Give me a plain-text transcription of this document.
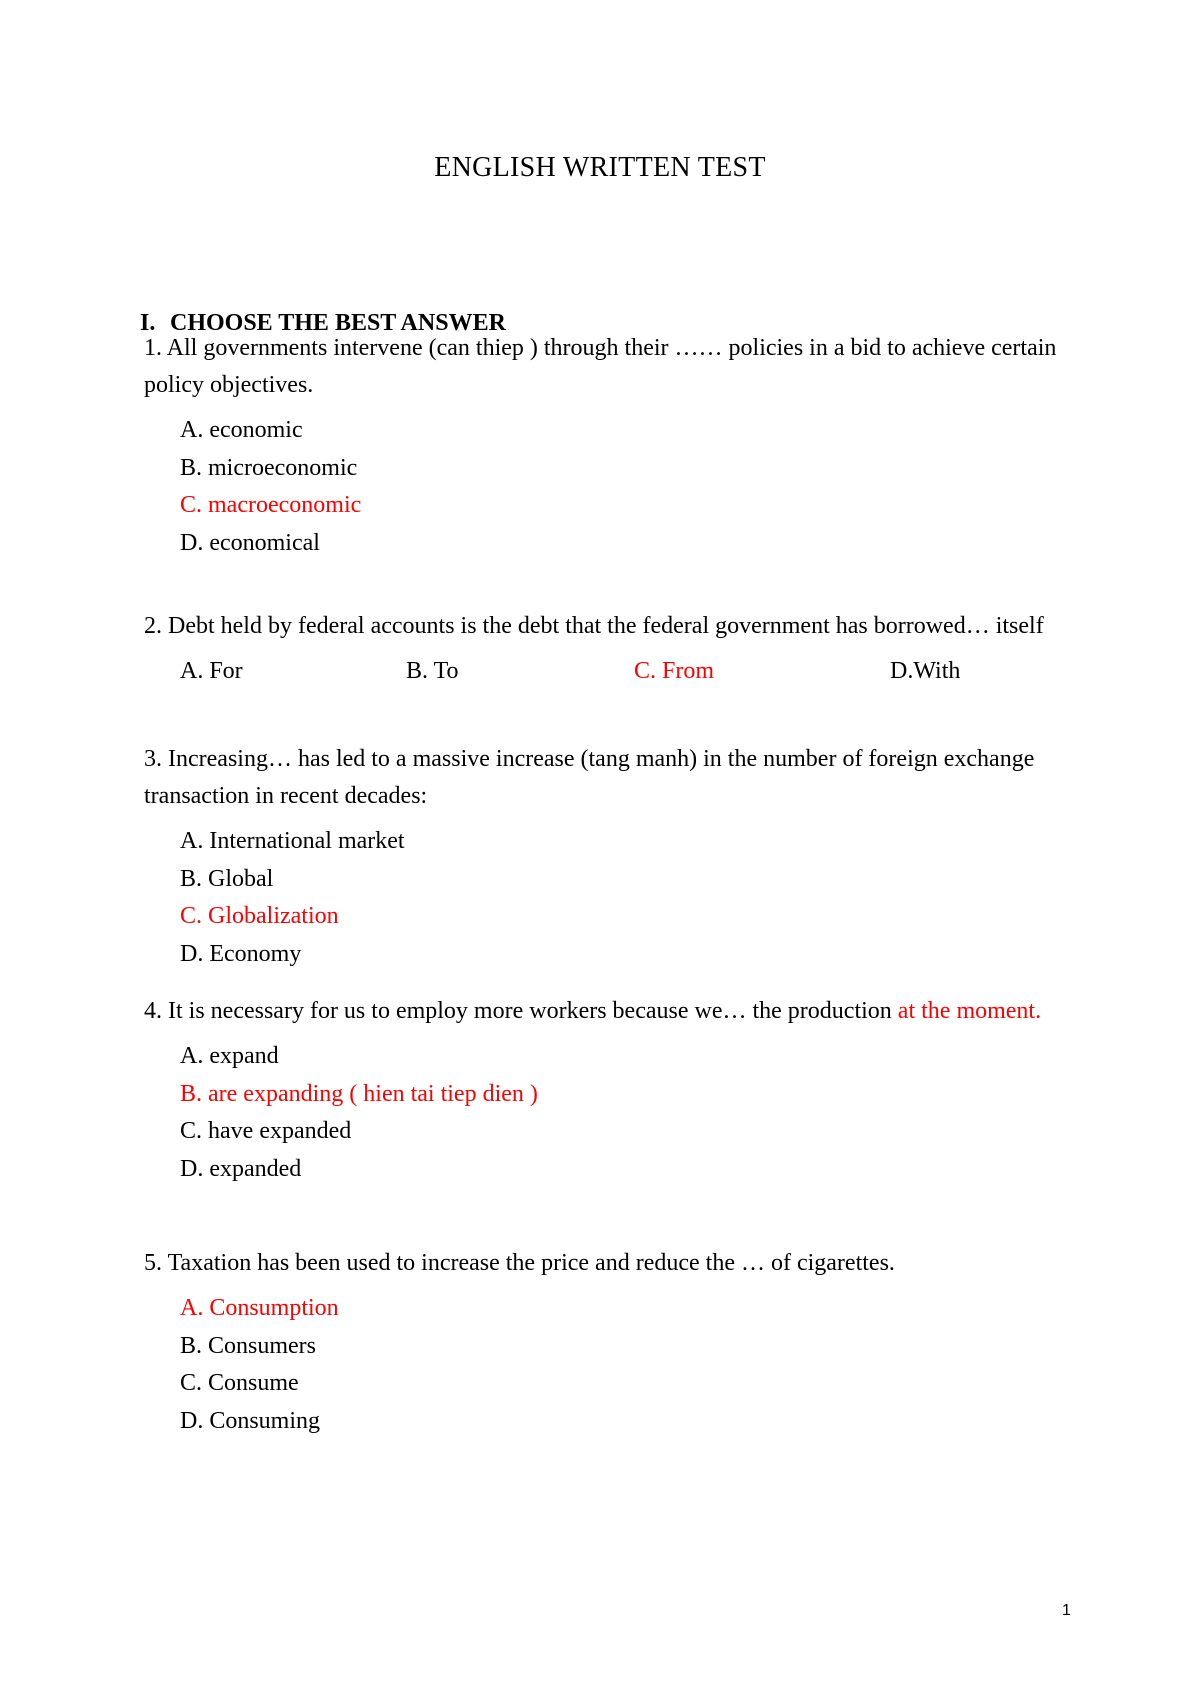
ENGLISH WRITTEN TEST
I. CHOOSE THE BEST ANSWER

1. All governments intervene (can thiep ) through their …… policies in a bid to achieve certain policy objectives.

A. economic
B. microeconomic
C. macroeconomic
D. economical

2. Debt held by federal accounts is the debt that the federal government has borrowed… itself

A. For	B. To	C. From	D.With

3. Increasing… has led to a massive increase (tang manh) in the number of foreign exchange transaction in recent decades:

A. International market
B. Global
C. Globalization
D. Economy

4. It is necessary for us to employ more workers because we… the production at the moment.

A. expand
B. are expanding ( hien tai tiep dien )
C. have expanded
D. expanded

5. Taxation has been used to increase the price and reduce the … of cigarettes.

A. Consumption
B. Consumers
C. Consume
D. Consuming
1
